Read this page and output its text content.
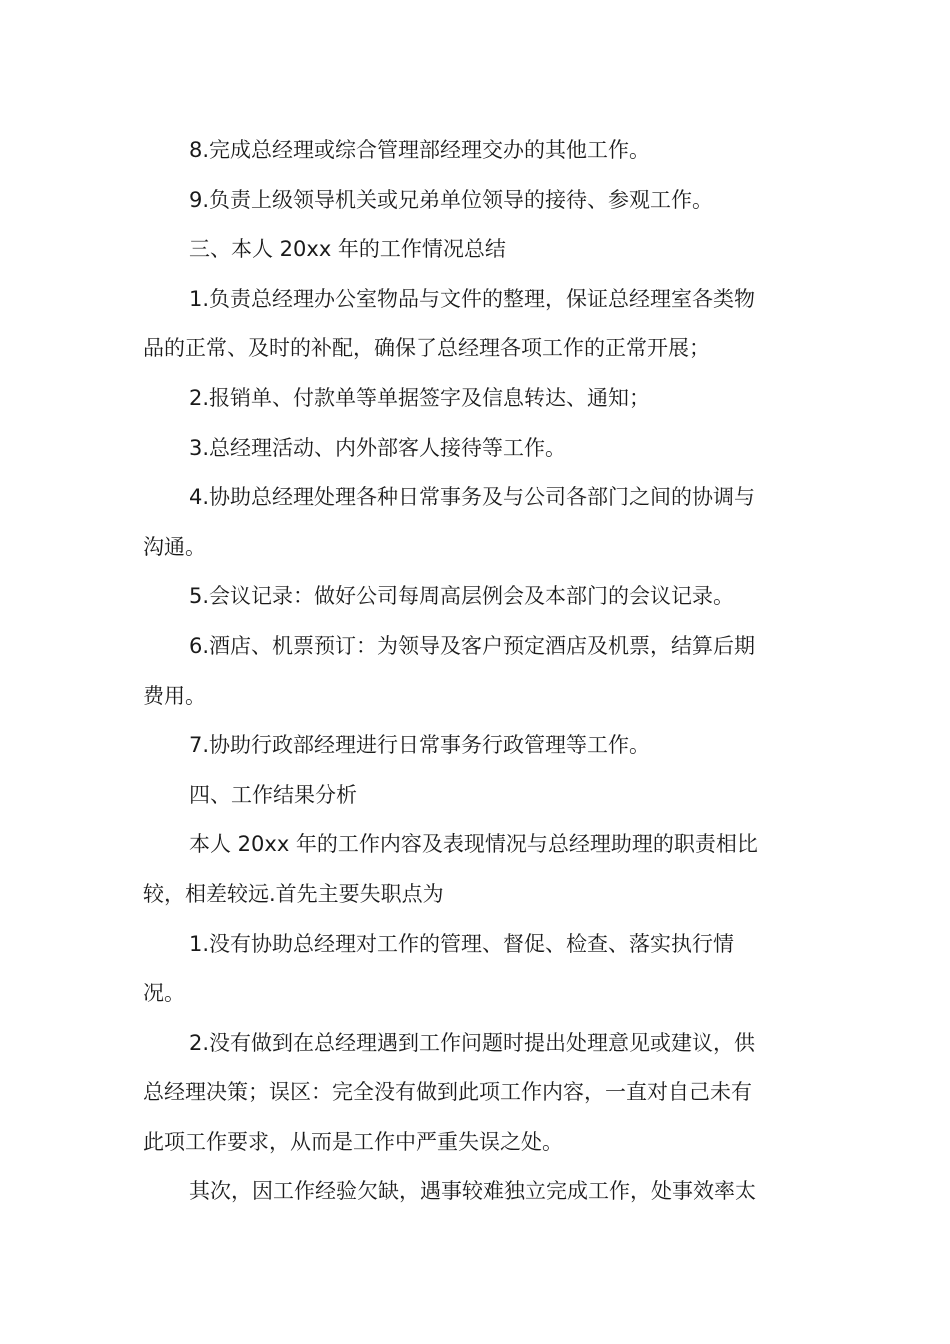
8.完成总经理或综合管理部经理交办的其他工作。

9.负责上级领导机关或兄弟单位领导的接待、参观工作。

三、本人 20xx 年的工作情况总结

1.负责总经理办公室物品与文件的整理，保证总经理室各类物
品的正常、及时的补配，确保了总经理各项工作的正常开展；

2.报销单、付款单等单据签字及信息转达、通知；

3.总经理活动、内外部客人接待等工作。

4.协助总经理处理各种日常事务及与公司各部门之间的协调与
沟通。

5.会议记录：做好公司每周高层例会及本部门的会议记录。

6.酒店、机票预订：为领导及客户预定酒店及机票，结算后期
费用。

7.协助行政部经理进行日常事务行政管理等工作。

四、工作结果分析

本人 20xx 年的工作内容及表现情况与总经理助理的职责相比
较，相差较远.首先主要失职点为

1.没有协助总经理对工作的管理、督促、检查、落实执行情
况。

2.没有做到在总经理遇到工作问题时提出处理意见或建议，供
总经理决策；误区：完全没有做到此项工作内容，一直对自己未有
此项工作要求，从而是工作中严重失误之处。

其次，因工作经验欠缺，遇事较难独立完成工作，处事效率太
